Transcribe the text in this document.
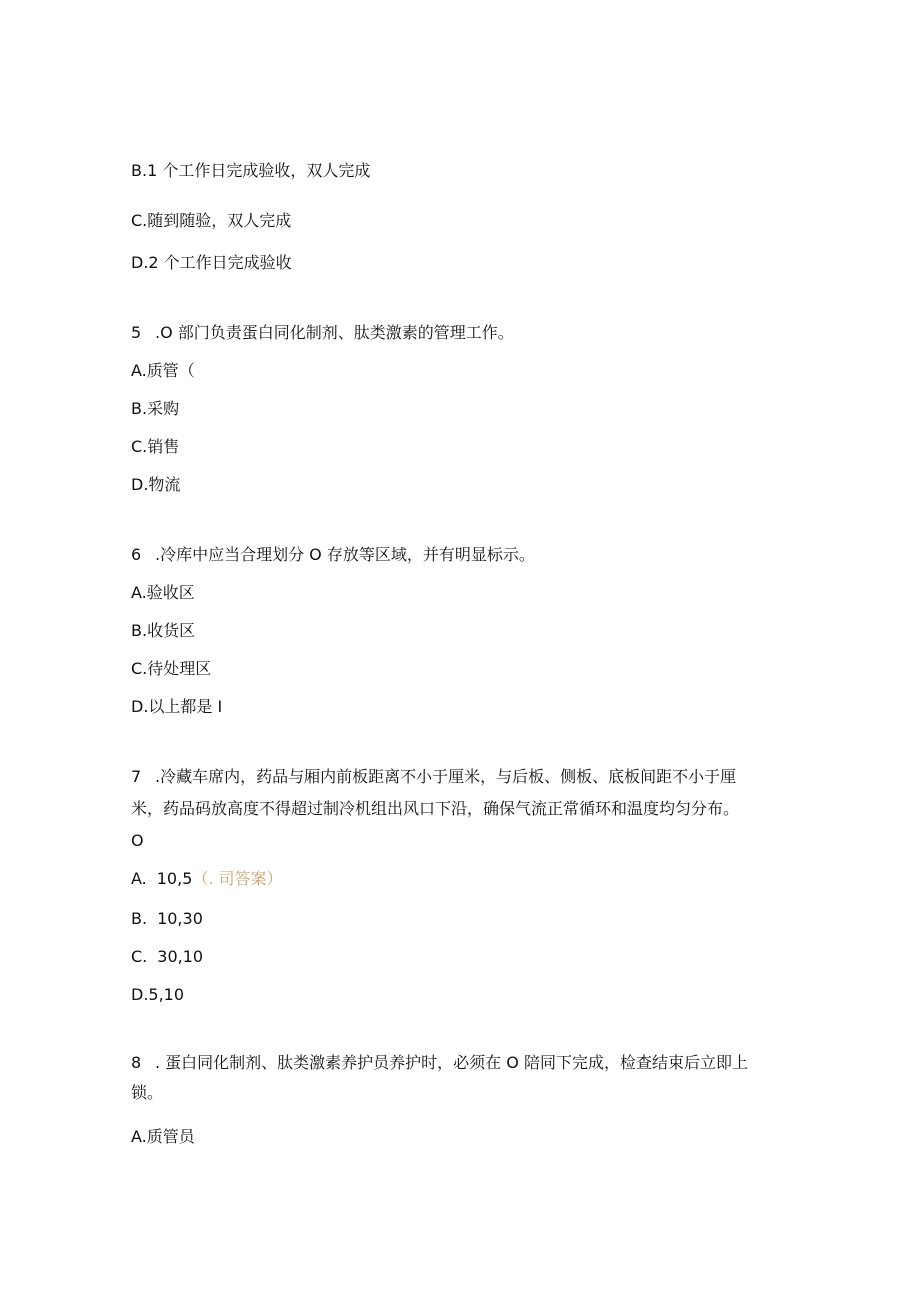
B.1 个工作日完成验收，双人完成
C.随到随验，双人完成
D.2 个工作日完成验收
5 .O 部门负责蛋白同化制剂、肽类激素的管理工作。
A.质管（
B.采购
C.销售
D.物流
6 .冷库中应当合理划分 O 存放等区域，并有明显标示。
A.验收区
B.收货区
C.待处理区
D.以上都是 I
7 .冷藏车席内，药品与厢内前板距离不小于厘米，与后板、侧板、底板间距不小于厘
米，药品码放高度不得超过制冷机组出风口下沿，确保气流正常循环和温度均匀分布。
O
A. 10,5（. 司答案）
B. 10,30
C. 30,10
D.5,10
8 . 蛋白同化制剂、肽类激素养护员养护时，必须在 O 陪同下完成，检查结束后立即上
锁。
A.质管员
